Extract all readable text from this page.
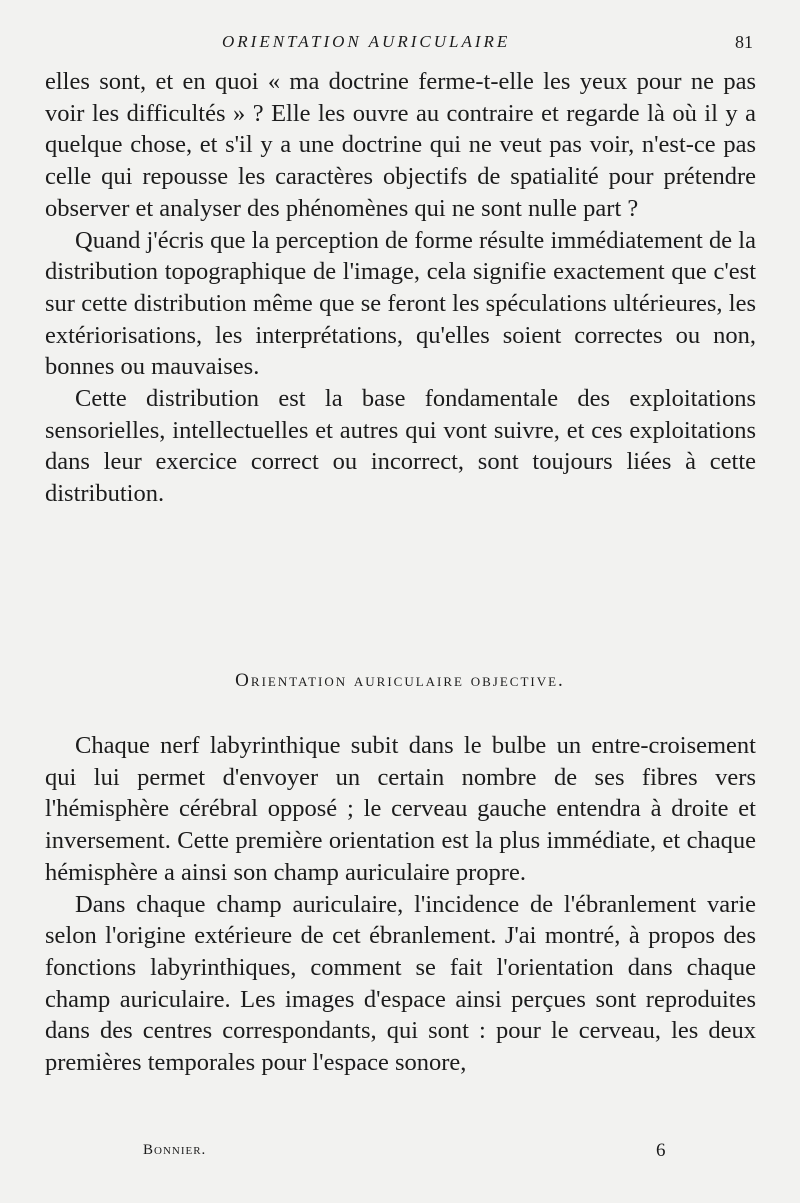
ORIENTATION AURICULAIRE	81

elles sont, et en quoi « ma doctrine ferme-t-elle les yeux pour ne pas voir les difficultés » ? Elle les ouvre au contraire et regarde là où il y a quelque chose, et s'il y a une doctrine qui ne veut pas voir, n'est-ce pas celle qui repousse les caractères objectifs de spatialité pour prétendre observer et analyser des phénomènes qui ne sont nulle part ?

Quand j'écris que la perception de forme résulte immédiatement de la distribution topographique de l'image, cela signifie exactement que c'est sur cette distribution même que se feront les spéculations ultérieures, les extériorisations, les interprétations, qu'elles soient correctes ou non, bonnes ou mauvaises.

Cette distribution est la base fondamentale des exploitations sensorielles, intellectuelles et autres qui vont suivre, et ces exploitations dans leur exercice correct ou incorrect, sont toujours liées à cette distribution.

Orientation auriculaire objective.

Chaque nerf labyrinthique subit dans le bulbe un entre-croisement qui lui permet d'envoyer un certain nombre de ses fibres vers l'hémisphère cérébral opposé ; le cerveau gauche entendra à droite et inversement. Cette première orientation est la plus immédiate, et chaque hémisphère a ainsi son champ auriculaire propre.

Dans chaque champ auriculaire, l'incidence de l'ébranlement varie selon l'origine extérieure de cet ébranlement. J'ai montré, à propos des fonctions labyrinthiques, comment se fait l'orientation dans chaque champ auriculaire. Les images d'espace ainsi perçues sont reproduites dans des centres correspondants, qui sont : pour le cerveau, les deux premières temporales pour l'espace sonore,

Bonnier.	6
